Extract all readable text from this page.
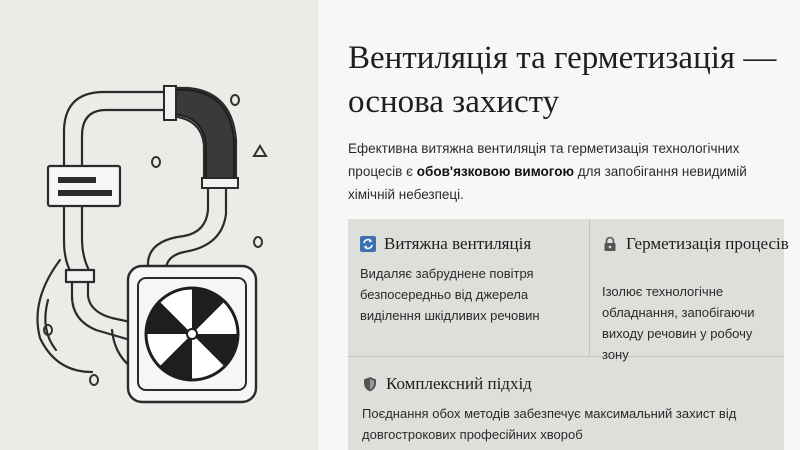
Вентиляція та герметизація — основа захисту

Ефективна витяжна вентиляція та герметизація технологічних процесів є обов'язковою вимогою для запобігання невидимій хімічній небезпеці.

Витяжна вентиляція
Видаляє забруднене повітря безпосередньо від джерела виділення шкідливих речовин
Герметизація процесів
Ізолює технологічне обладнання, запобігаючи виходу речовин у робочу зону
Комплексний підхід
Поєднання обох методів забезпечує максимальний захист від довгострокових професійних хвороб
